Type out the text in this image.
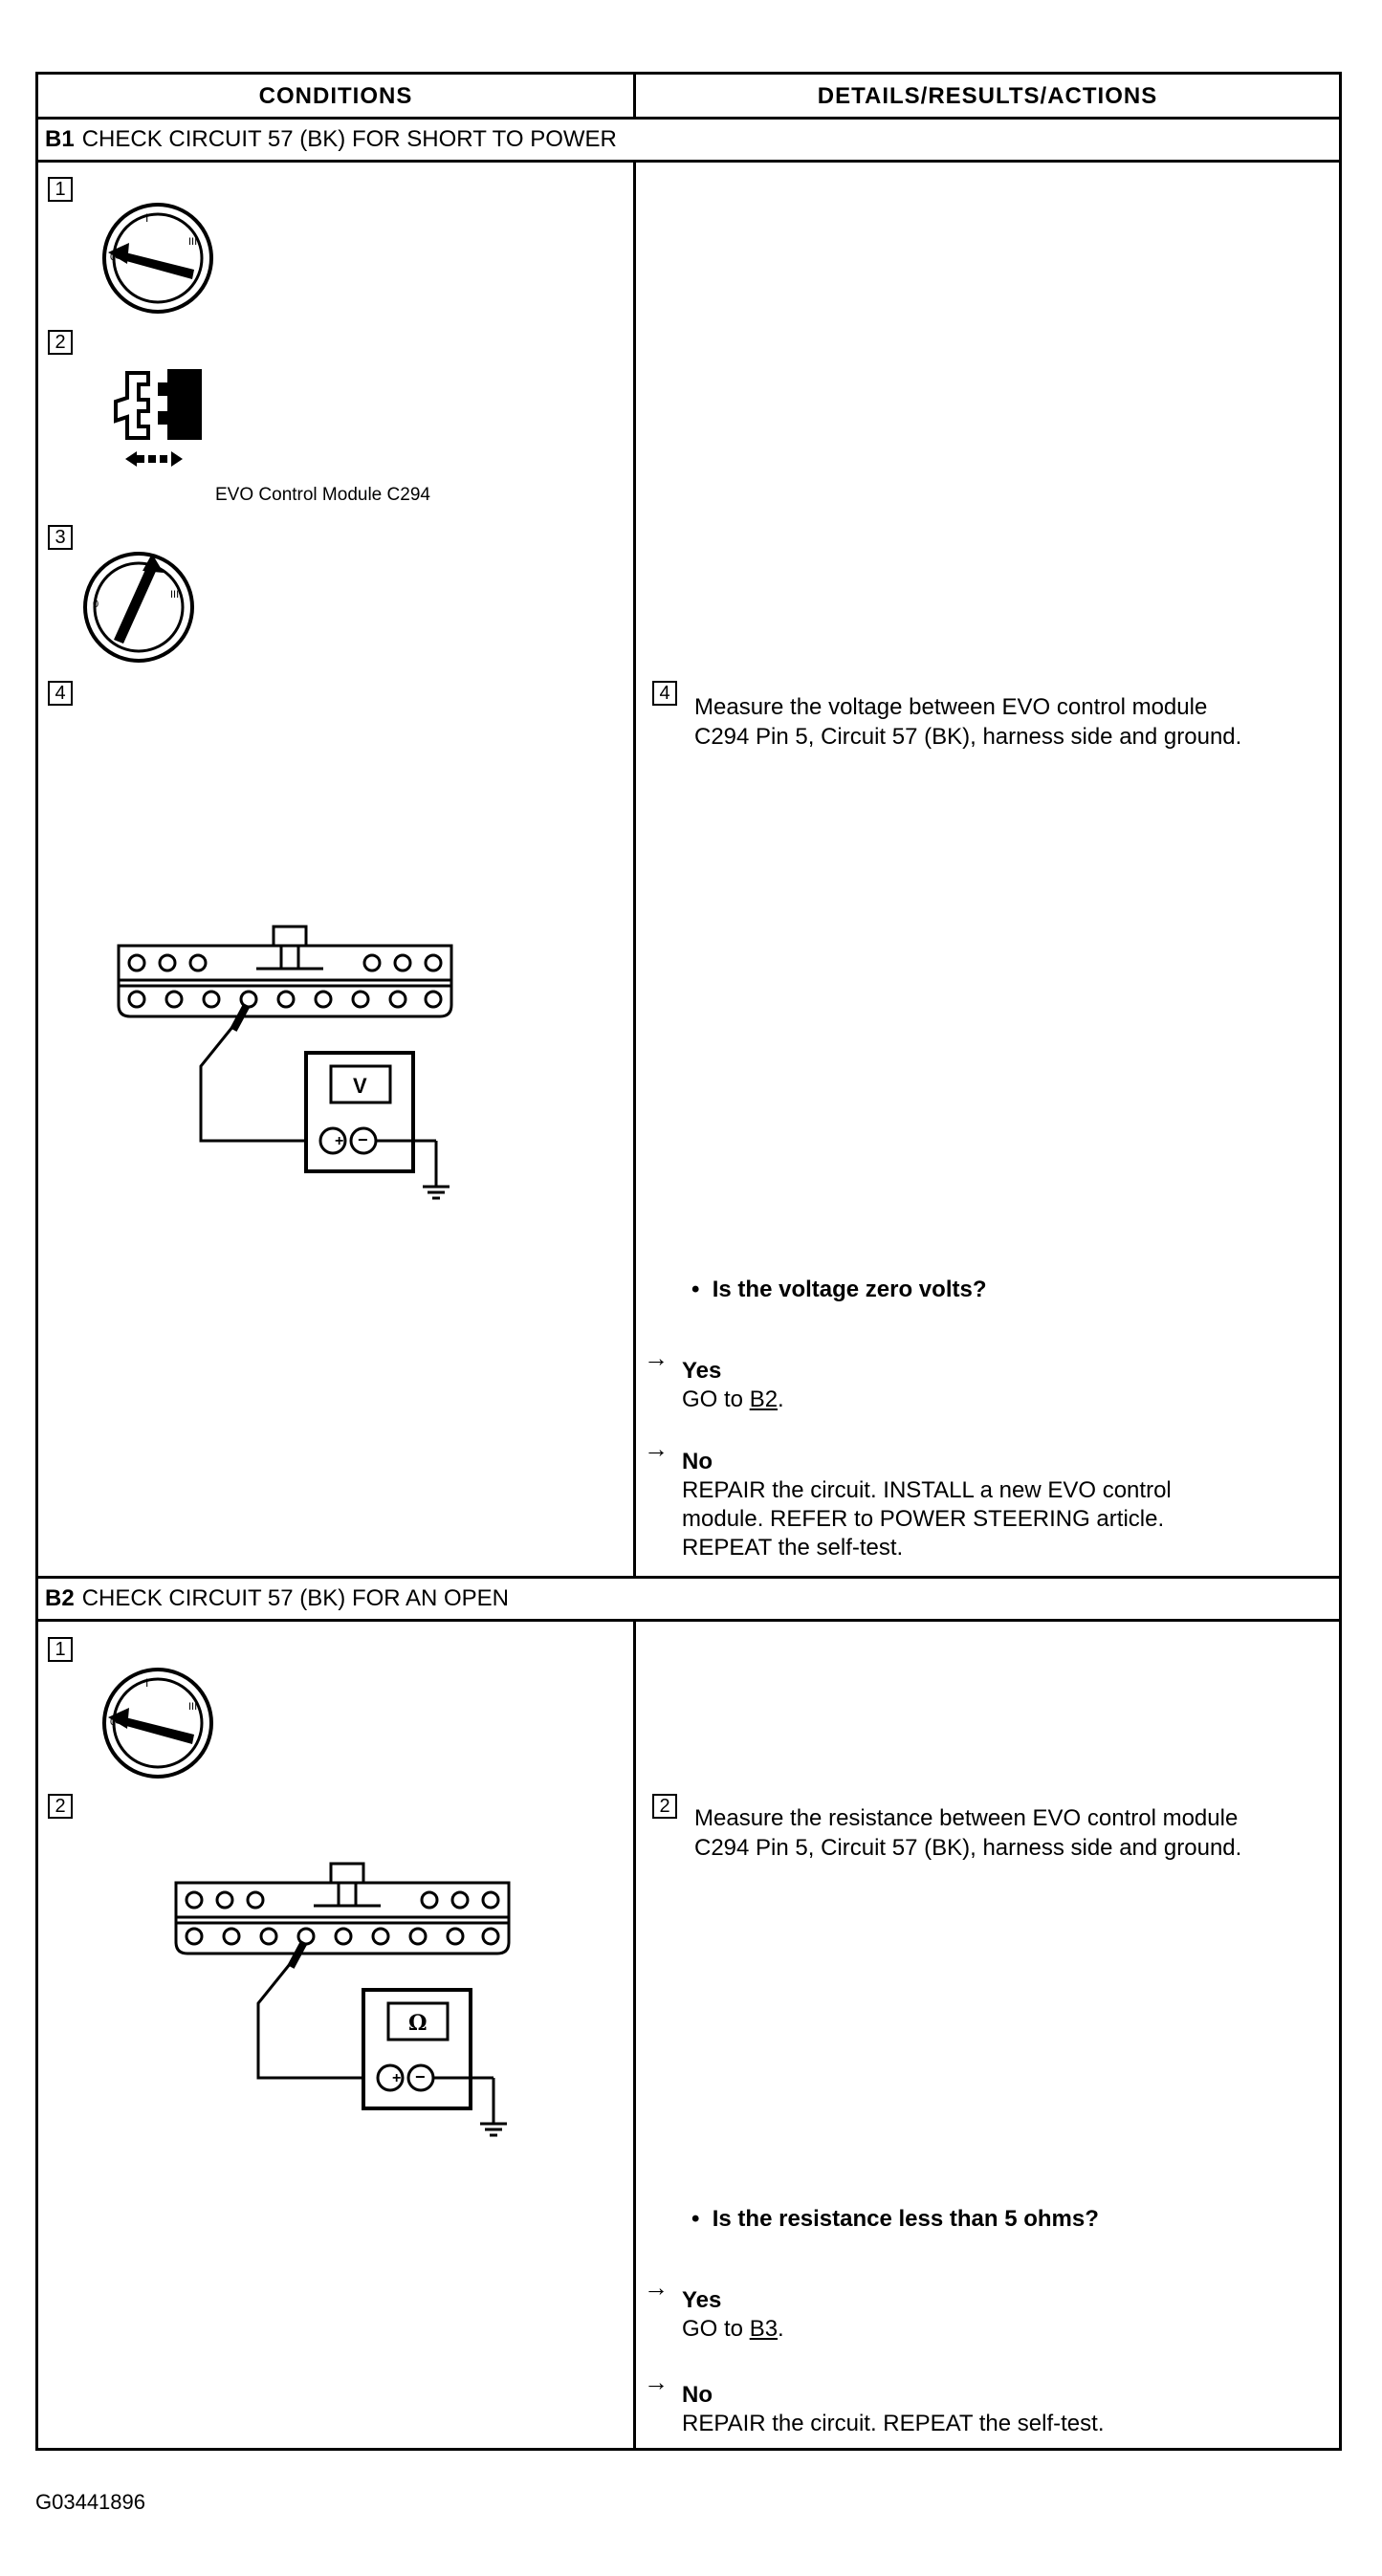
CONDITIONS	DETAILS/RESULTS/ACTIONS
B1 CHECK CIRCUIT 57 (BK) FOR SHORT TO POWER
1
I
III
0
2
EVO Control Module C294
3
0
III
4	4
Measure the voltage between EVO control module
C294 Pin 5, Circuit 57 (BK), harness side and ground.
+ −
V
• Is the voltage zero volts?
→ Yes
GO to B2.
→ No
REPAIR the circuit. INSTALL a new EVO control
module. REFER to POWER STEERING article.
REPEAT the self-test.
B2 CHECK CIRCUIT 57 (BK) FOR AN OPEN
1
I
III
0
2	2	Measure the resistance between EVO control module
C294 Pin 5, Circuit 57 (BK), harness side and ground.
+ −
Ω
• Is the resistance less than 5 ohms?
→ Yes
GO to B3.
→ No
REPAIR the circuit. REPEAT the self-test.
G03441896
